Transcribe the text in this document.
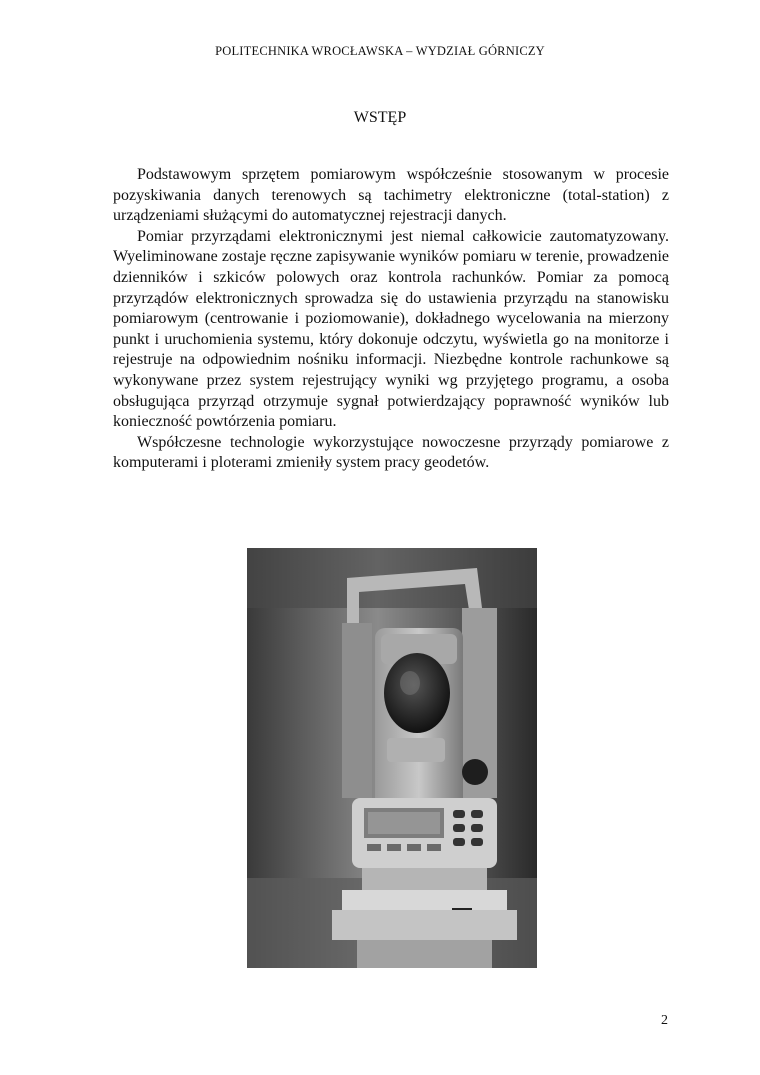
POLITECHNIKA WROCŁAWSKA – WYDZIAŁ GÓRNICZY
WSTĘP

Podstawowym sprzętem pomiarowym współcześnie stosowanym w procesie pozyskiwania danych terenowych są tachimetry elektroniczne (total-station) z urządzeniami służącymi do automatycznej rejestracji danych.

Pomiar przyrządami elektronicznymi jest niemal całkowicie zautomatyzowany. Wyeliminowane zostaje ręczne zapisywanie wyników pomiaru w terenie, prowadzenie dzienników i szkiców polowych oraz kontrola rachunków. Pomiar za pomocą przyrządów elektronicznych sprowadza się do ustawienia przyrządu na stanowisku pomiarowym (centrowanie i poziomowanie), dokładnego wycelowania na mierzony punkt i uruchomienia systemu, który dokonuje odczytu, wyświetla go na monitorze i rejestruje na odpowiednim nośniku informacji. Niezbędne kontrole rachunkowe są wykonywane przez system rejestrujący wyniki wg przyjętego programu, a osoba obsługująca przyrząd otrzymuje sygnał potwierdzający poprawność wyników lub konieczność powtórzenia pomiaru.

Współczesne technologie wykorzystujące nowoczesne przyrządy pomiarowe z komputerami i ploterami zmieniły system pracy geodetów.

2
